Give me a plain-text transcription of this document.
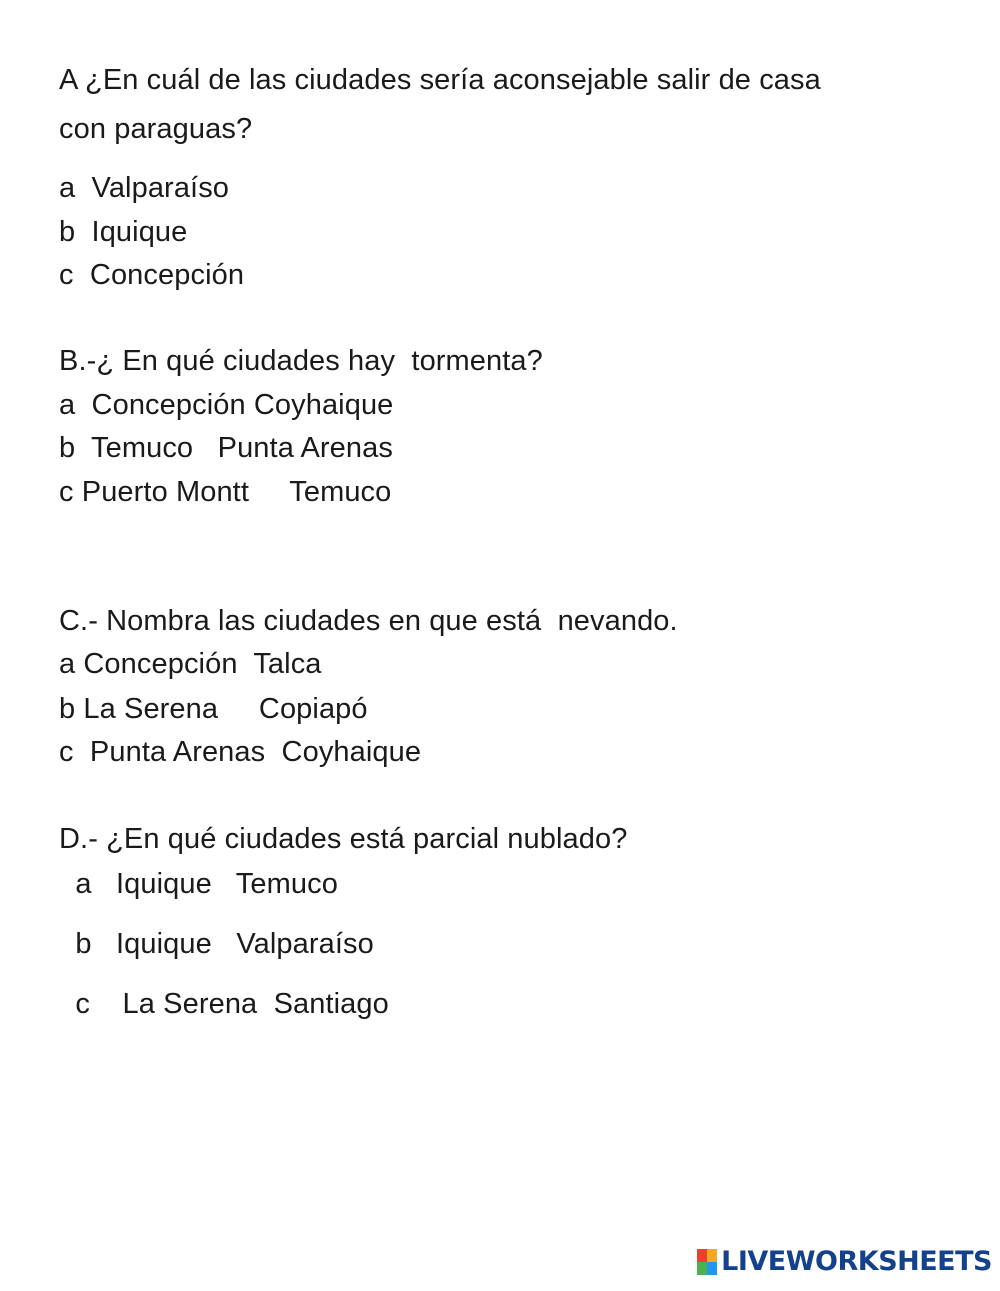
A ¿En cuál de las ciudades sería aconsejable salir de casa
con paraguas?
a  Valparaíso
b  Iquique
c  Concepción
B.-¿ En qué ciudades hay  tormenta?
a  Concepción Coyhaique
b  Temuco   Punta Arenas
c Puerto Montt     Temuco
C.- Nombra las ciudades en que está  nevando.
a Concepción  Talca
b La Serena     Copiapó
c  Punta Arenas  Coyhaique
D.- ¿En qué ciudades está parcial nublado?
a   Iquique   Temuco
b   Iquique   Valparaíso
c    La Serena  Santiago
LIVEWORKSHEETS
